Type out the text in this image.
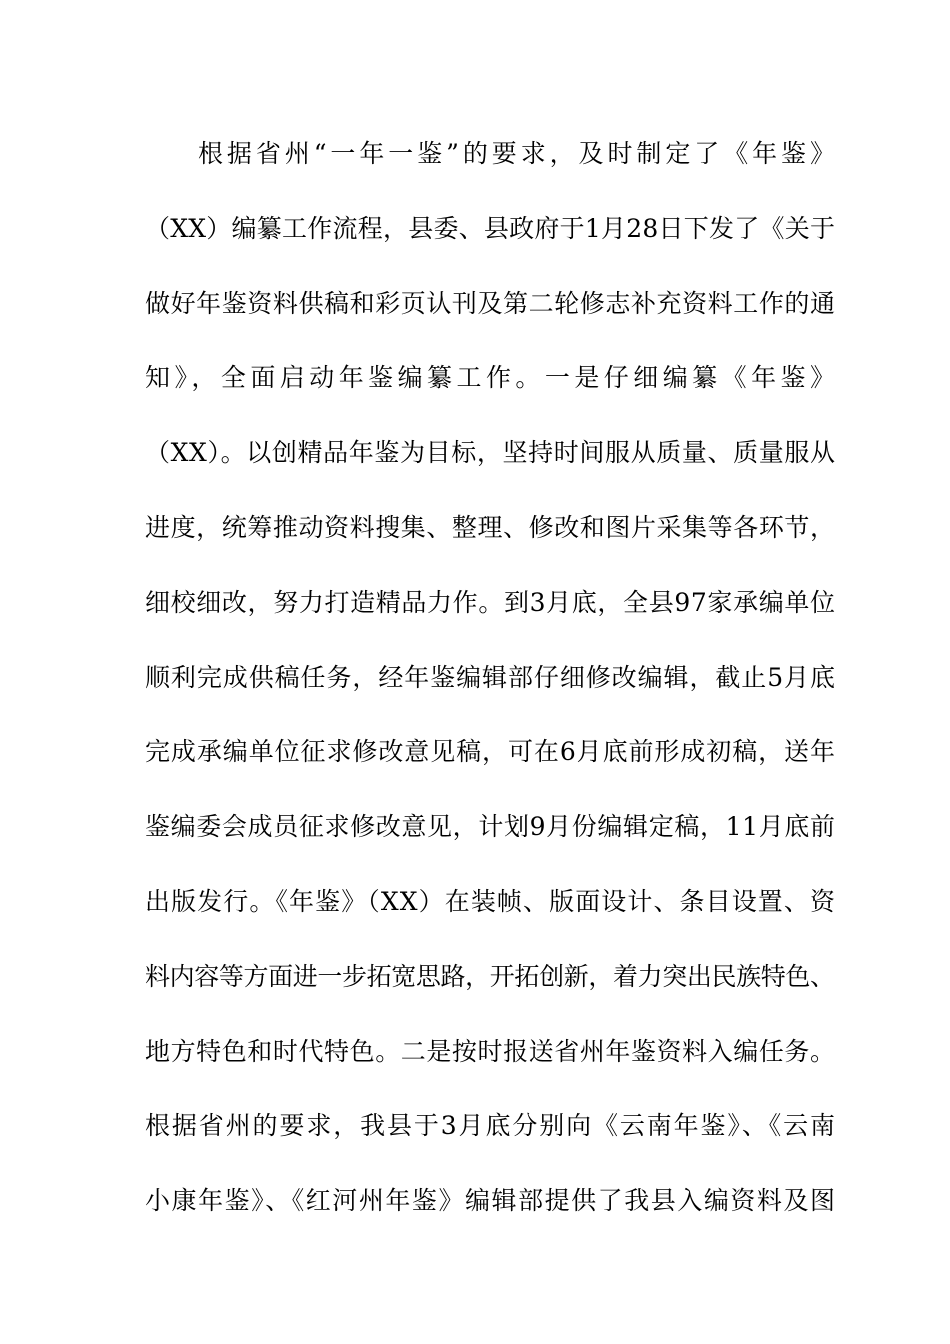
根据省州“一年一鉴”的要求，及时制定了《年鉴》
（XX）编纂工作流程，县委、县政府于1月28日下发了《关于
做好年鉴资料供稿和彩页认刊及第二轮修志补充资料工作的通
知》，全面启动年鉴编纂工作。一是仔细编纂《年鉴》
（XX）。以创精品年鉴为目标，坚持时间服从质量、质量服从
进度，统筹推动资料搜集、整理、修改和图片采集等各环节，
细校细改，努力打造精品力作。到3月底，全县97家承编单位
顺利完成供稿任务，经年鉴编辑部仔细修改编辑，截止5月底
完成承编单位征求修改意见稿，可在6月底前形成初稿，送年
鉴编委会成员征求修改意见，计划9月份编辑定稿，11月底前
出版发行。《年鉴》（XX）在装帧、版面设计、条目设置、资
料内容等方面进一步拓宽思路，开拓创新，着力突出民族特色、
地方特色和时代特色。二是按时报送省州年鉴资料入编任务。
根据省州的要求，我县于3月底分别向《云南年鉴》、《云南
小康年鉴》、《红河州年鉴》编辑部提供了我县入编资料及图
